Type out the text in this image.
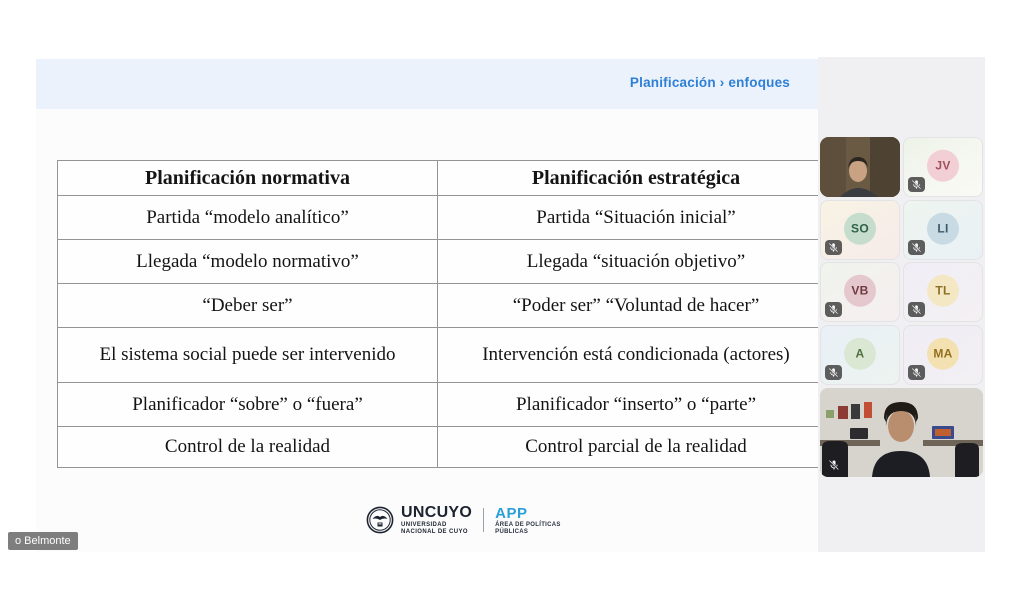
Planificación › enfoques
Planificación normativa	Planificación estratégica
Partida “modelo analítico”	Partida “Situación inicial”
Llegada “modelo normativo”	Llegada “situación objetivo”
“Deber ser”	“Poder ser” “Voluntad de hacer”
El sistema social puede ser intervenido	Intervención está condicionada (actores)
Planificador “sobre” o “fuera”	Planificador “inserto” o “parte”
Control de la realidad	Control parcial de la realidad
UNCUYO
UNIVERSIDAD
NACIONAL DE CUYO
APP
ÁREA DE POLÍTICAS
PÚBLICAS
o Belmonte
JV
SO	LI
VB	TL
A	MA
